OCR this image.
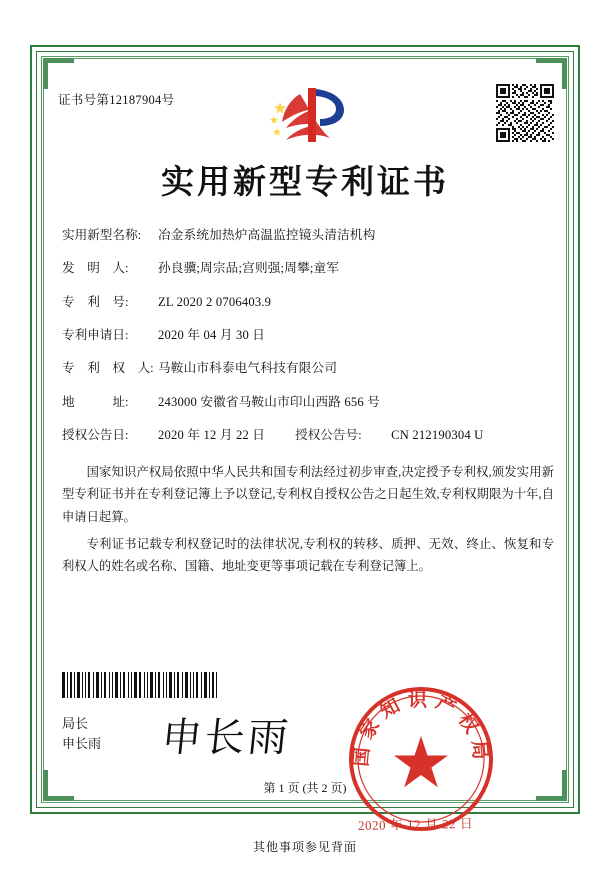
证书号第12187904号
实用新型专利证书
实用新型名称:	冶金系统加热炉高温监控镜头清洁机构
发　明　人:	孙良骥;周宗品;宫则强;周攀;童军
专　利　号:	ZL 2020 2 0706403.9
专利申请日:	2020 年 04 月 30 日
专　利　权　人: 马鞍山市科泰电气科技有限公司
地　　　址:	243000 安徽省马鞍山市印山西路 656 号
授权公告日:	2020 年 12 月 22 日 授权公告号:	CN 212190304 U

国家知识产权局依照中华人民共和国专利法经过初步审查,决定授予专利权,颁发实用新型专利证书并在专利登记簿上予以登记,专利权自授权公告之日起生效,专利权期限为十年,自申请日起算。

专利证书记载专利权登记时的法律状况,专利权的转移、质押、无效、终止、恢复和专利权人的姓名或名称、国籍、地址变更等事项记载在专利登记簿上。

局长
申长雨	申长雨	国家知识产权局
2020 年 12 月 22 日
第 1 页 (共 2 页)
其他事项参见背面
